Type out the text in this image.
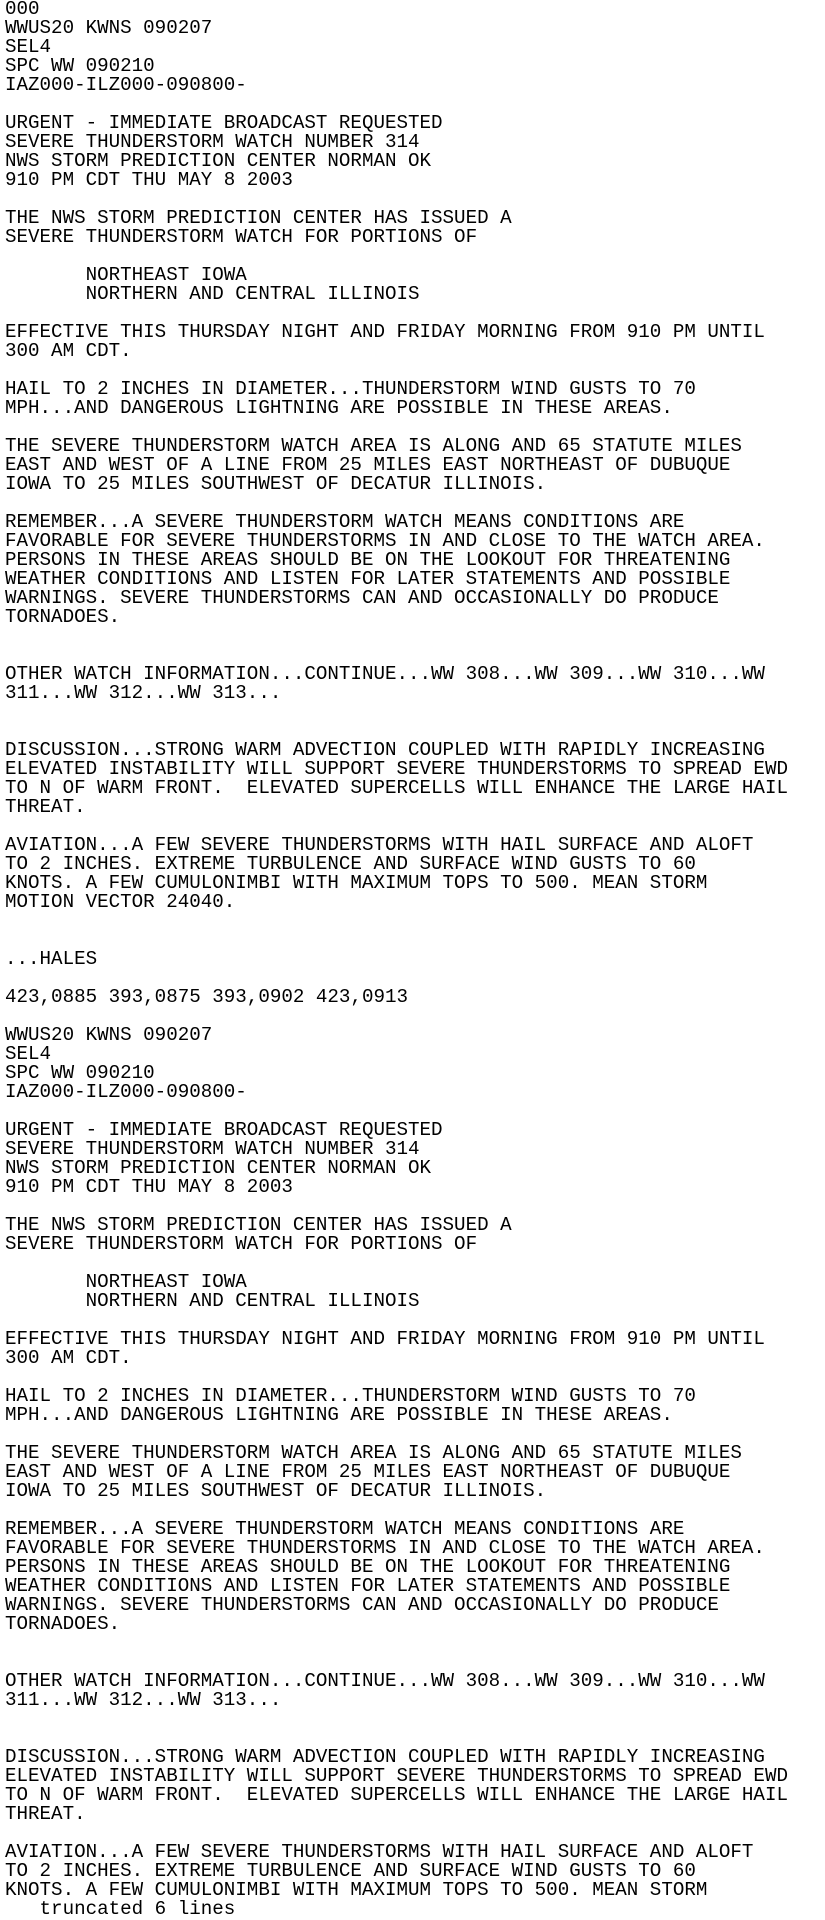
000
WWUS20 KWNS 090207
SEL4
SPC WW 090210
IAZ000-ILZ000-090800-
URGENT - IMMEDIATE BROADCAST REQUESTED
SEVERE THUNDERSTORM WATCH NUMBER 314
NWS STORM PREDICTION CENTER NORMAN OK
910 PM CDT THU MAY 8 2003
THE NWS STORM PREDICTION CENTER HAS ISSUED A
SEVERE THUNDERSTORM WATCH FOR PORTIONS OF
NORTHEAST IOWA
NORTHERN AND CENTRAL ILLINOIS
EFFECTIVE THIS THURSDAY NIGHT AND FRIDAY MORNING FROM 910 PM UNTIL
300 AM CDT.
HAIL TO 2 INCHES IN DIAMETER...THUNDERSTORM WIND GUSTS TO 70
MPH...AND DANGEROUS LIGHTNING ARE POSSIBLE IN THESE AREAS.
THE SEVERE THUNDERSTORM WATCH AREA IS ALONG AND 65 STATUTE MILES
EAST AND WEST OF A LINE FROM 25 MILES EAST NORTHEAST OF DUBUQUE
IOWA TO 25 MILES SOUTHWEST OF DECATUR ILLINOIS.
REMEMBER...A SEVERE THUNDERSTORM WATCH MEANS CONDITIONS ARE
FAVORABLE FOR SEVERE THUNDERSTORMS IN AND CLOSE TO THE WATCH AREA.
PERSONS IN THESE AREAS SHOULD BE ON THE LOOKOUT FOR THREATENING
WEATHER CONDITIONS AND LISTEN FOR LATER STATEMENTS AND POSSIBLE
WARNINGS. SEVERE THUNDERSTORMS CAN AND OCCASIONALLY DO PRODUCE
TORNADOES.
OTHER WATCH INFORMATION...CONTINUE...WW 308...WW 309...WW 310...WW
311...WW 312...WW 313...
DISCUSSION...STRONG WARM ADVECTION COUPLED WITH RAPIDLY INCREASING
ELEVATED INSTABILITY WILL SUPPORT SEVERE THUNDERSTORMS TO SPREAD EWD
TO N OF WARM FRONT.  ELEVATED SUPERCELLS WILL ENHANCE THE LARGE HAIL
THREAT.
AVIATION...A FEW SEVERE THUNDERSTORMS WITH HAIL SURFACE AND ALOFT
TO 2 INCHES. EXTREME TURBULENCE AND SURFACE WIND GUSTS TO 60
KNOTS. A FEW CUMULONIMBI WITH MAXIMUM TOPS TO 500. MEAN STORM
MOTION VECTOR 24040.
...HALES
423,0885 393,0875 393,0902 423,0913
WWUS20 KWNS 090207
SEL4
SPC WW 090210
IAZ000-ILZ000-090800-
URGENT - IMMEDIATE BROADCAST REQUESTED
SEVERE THUNDERSTORM WATCH NUMBER 314
NWS STORM PREDICTION CENTER NORMAN OK
910 PM CDT THU MAY 8 2003
THE NWS STORM PREDICTION CENTER HAS ISSUED A
SEVERE THUNDERSTORM WATCH FOR PORTIONS OF
NORTHEAST IOWA
NORTHERN AND CENTRAL ILLINOIS
EFFECTIVE THIS THURSDAY NIGHT AND FRIDAY MORNING FROM 910 PM UNTIL
300 AM CDT.
HAIL TO 2 INCHES IN DIAMETER...THUNDERSTORM WIND GUSTS TO 70
MPH...AND DANGEROUS LIGHTNING ARE POSSIBLE IN THESE AREAS.
THE SEVERE THUNDERSTORM WATCH AREA IS ALONG AND 65 STATUTE MILES
EAST AND WEST OF A LINE FROM 25 MILES EAST NORTHEAST OF DUBUQUE
IOWA TO 25 MILES SOUTHWEST OF DECATUR ILLINOIS.
REMEMBER...A SEVERE THUNDERSTORM WATCH MEANS CONDITIONS ARE
FAVORABLE FOR SEVERE THUNDERSTORMS IN AND CLOSE TO THE WATCH AREA.
PERSONS IN THESE AREAS SHOULD BE ON THE LOOKOUT FOR THREATENING
WEATHER CONDITIONS AND LISTEN FOR LATER STATEMENTS AND POSSIBLE
WARNINGS. SEVERE THUNDERSTORMS CAN AND OCCASIONALLY DO PRODUCE
TORNADOES.
OTHER WATCH INFORMATION...CONTINUE...WW 308...WW 309...WW 310...WW
311...WW 312...WW 313...
DISCUSSION...STRONG WARM ADVECTION COUPLED WITH RAPIDLY INCREASING
ELEVATED INSTABILITY WILL SUPPORT SEVERE THUNDERSTORMS TO SPREAD EWD
TO N OF WARM FRONT.  ELEVATED SUPERCELLS WILL ENHANCE THE LARGE HAIL
THREAT.
AVIATION...A FEW SEVERE THUNDERSTORMS WITH HAIL SURFACE AND ALOFT
TO 2 INCHES. EXTREME TURBULENCE AND SURFACE WIND GUSTS TO 60
KNOTS. A FEW CUMULONIMBI WITH MAXIMUM TOPS TO 500. MEAN STORM
truncated 6 lines
